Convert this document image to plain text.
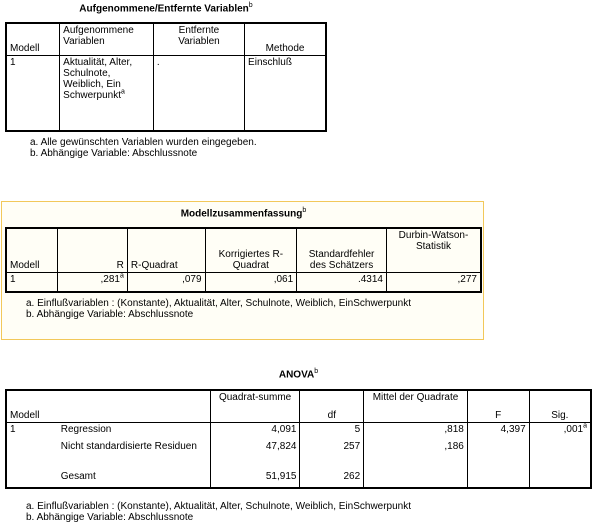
Aufgenommene/Entfernte Variablen$^b$
Modell	Aufgenommene Variablen	Entfernte Variablen	Methode
1	Aktualität, Alter, Schulnote, Weiblich, Ein Schwerpunkt$^a$	.	Einschluß
a. Alle gewünschten Variablen wurden eingegeben.
b. Abhängige Variable: Abschlussnote
Modellzusammenfassung$^b$
Modell	R	R-Quadrat	Korrigiertes R-Quadrat	Standardfehler des Schätzers	Durbin-Watson-Statistik
1	,281$^a$	,079	,061	.4314	,277
a. Einflußvariablen : (Konstante), Aktualität, Alter, Schulnote, Weiblich, EinSchwerpunkt
b. Abhängige Variable: Abschlussnote
ANOVA$^b$
Modell		Quadrat-summe	df	Mittel der Quadrate	F	Sig.
1	Regression	4,091	5	,818	4,397	,001$^a$
	Nicht standardisierte Residuen	47,824	257	,186		
	Gesamt	51,915	262			
a. Einflußvariablen : (Konstante), Aktualität, Alter, Schulnote, Weiblich, EinSchwerpunkt
b. Abhängige Variable: Abschlussnote
